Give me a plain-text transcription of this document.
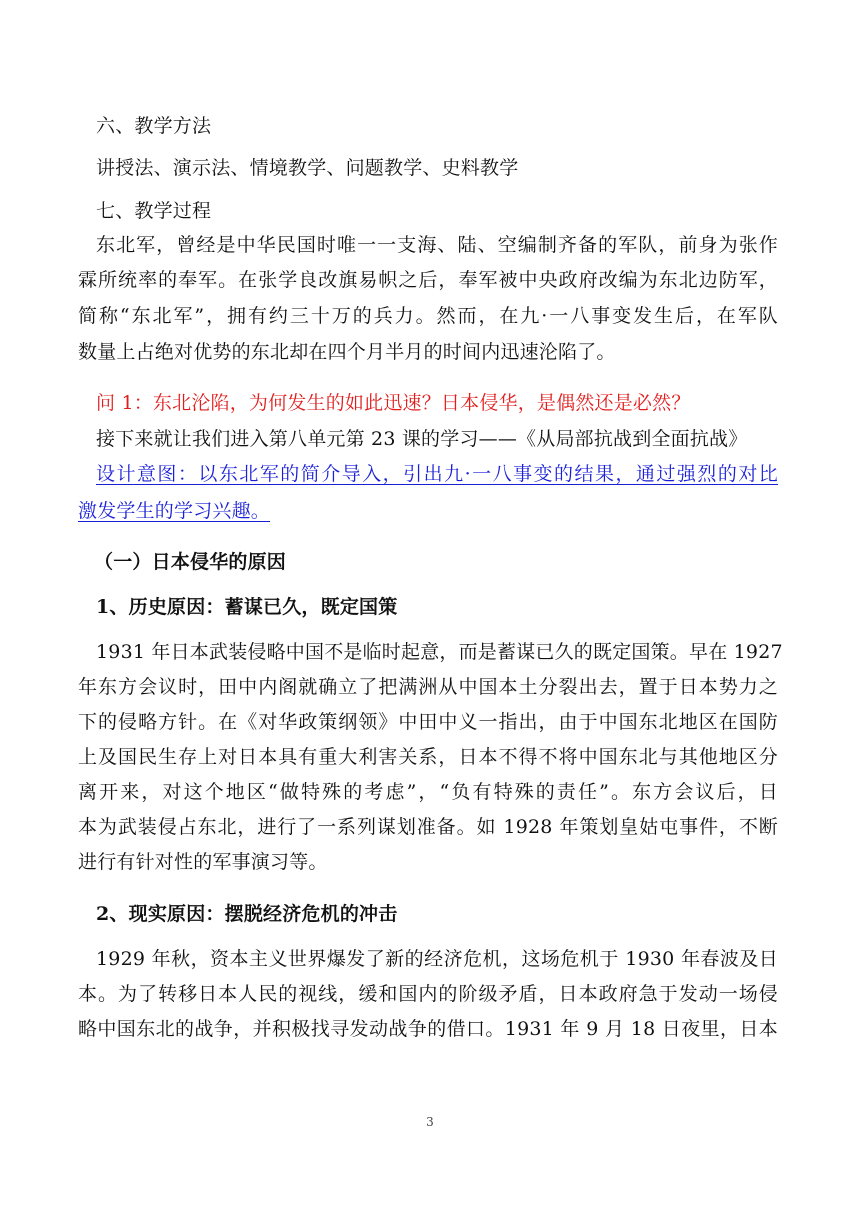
六、教学方法
讲授法、演示法、情境教学、问题教学、史料教学
七、教学过程
东北军，曾经是中华民国时唯一一支海、陆、空编制齐备的军队，前身为张作
霖所统率的奉军。在张学良改旗易帜之后，奉军被中央政府改编为东北边防军，
简称“东北军”，拥有约三十万的兵力。然而，在九·一八事变发生后，在军队
数量上占绝对优势的东北却在四个月半月的时间内迅速沦陷了。
问 1：东北沦陷，为何发生的如此迅速？日本侵华，是偶然还是必然？
接下来就让我们进入第八单元第 23 课的学习——《从局部抗战到全面抗战》
设计意图：以东北军的简介导入，引出九·一八事变的结果，通过强烈的对比
激发学生的学习兴趣。
（一）日本侵华的原因
1、历史原因：蓄谋已久，既定国策
1931 年日本武装侵略中国不是临时起意，而是蓄谋已久的既定国策。早在 1927
年东方会议时，田中内阁就确立了把满洲从中国本土分裂出去，置于日本势力之
下的侵略方针。在《对华政策纲领》中田中义一指出，由于中国东北地区在国防
上及国民生存上对日本具有重大利害关系，日本不得不将中国东北与其他地区分
离开来，对这个地区“做特殊的考虑”，“负有特殊的责任”。东方会议后，日
本为武装侵占东北，进行了一系列谋划准备。如 1928 年策划皇姑屯事件，不断
进行有针对性的军事演习等。
2、现实原因：摆脱经济危机的冲击
1929 年秋，资本主义世界爆发了新的经济危机，这场危机于 1930 年春波及日
本。为了转移日本人民的视线，缓和国内的阶级矛盾，日本政府急于发动一场侵
略中国东北的战争，并积极找寻发动战争的借口。1931 年 9 月 18 日夜里，日本
3
